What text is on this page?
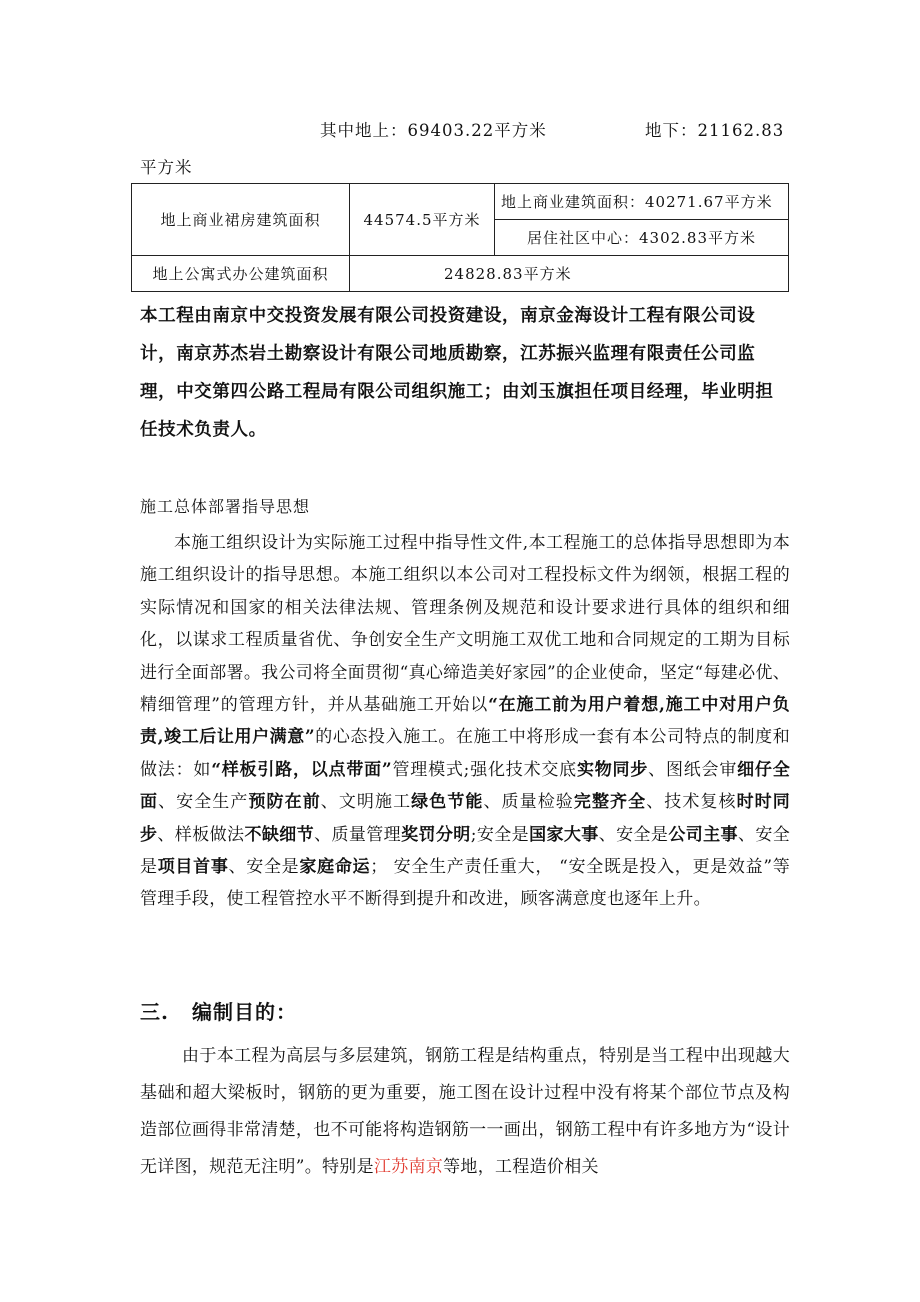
其中地上：69403.22平方米	地下：21162.83
平方米
地上商业裙房建筑面积	44574.5平方米	地上商业建筑面积：40271.67平方米
		居住社区中心：4302.83平方米
地上公寓式办公建筑面积	24828.83平方米	
本工程由南京中交投资发展有限公司投资建设，南京金海设计工程有限公司设计，南京苏杰岩土勘察设计有限公司地质勘察，江苏振兴监理有限责任公司监理，中交第四公路工程局有限公司组织施工；由刘玉旗担任项目经理，毕业明担任技术负责人。
施工总体部署指导思想
本施工组织设计为实际施工过程中指导性文件,本工程施工的总体指导思想即为本施工组织设计的指导思想。本施工组织以本公司对工程投标文件为纲领，根据工程的实际情况和国家的相关法律法规、管理条例及规范和设计要求进行具体的组织和细化，以谋求工程质量省优、争创安全生产文明施工双优工地和合同规定的工期为目标进行全面部署。我公司将全面贯彻“真心缔造美好家园”的企业使命，坚定“每建必优、精细管理”的管理方针，并从基础施工开始以“在施工前为用户着想,施工中对用户负责,竣工后让用户满意”的心态投入施工。在施工中将形成一套有本公司特点的制度和做法：如“样板引路，以点带面”管理模式;强化技术交底实物同步、图纸会审细仔全面、安全生产预防在前、文明施工绿色节能、质量检验完整齐全、技术复核时时同步、样板做法不缺细节、质量管理奖罚分明;安全是国家大事、安全是公司主事、安全是项目首事、安全是家庭命运； 安全生产责任重大， “安全既是投入，更是效益”等管理手段，使工程管控水平不断得到提升和改进，顾客满意度也逐年上升。
三. 编制目的：
由于本工程为高层与多层建筑，钢筋工程是结构重点，特别是当工程中出现越大基础和超大梁板时，钢筋的更为重要，施工图在设计过程中没有将某个部位节点及构造部位画得非常清楚，也不可能将构造钢筋一一画出，钢筋工程中有许多地方为“设计无详图，规范无注明”。特别是江苏南京等地，工程造价相关
